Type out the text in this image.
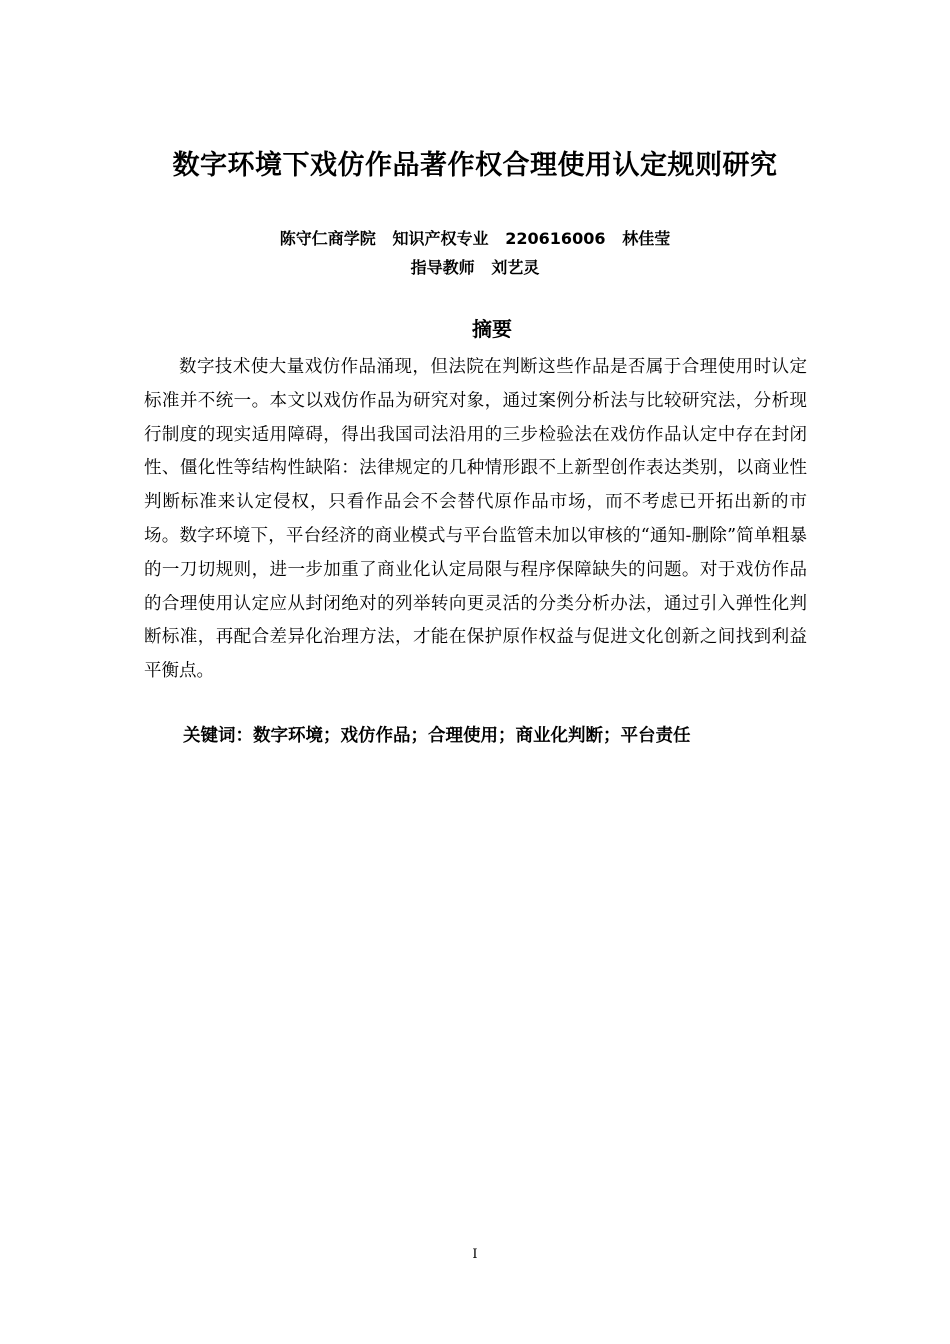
数字环境下戏仿作品著作权合理使用认定规则研究
陈守仁商学院 知识产权专业 220616006 林佳莹
指导教师 刘艺灵
摘要

数字技术使大量戏仿作品涌现，但法院在判断这些作品是否属于合理使用时认定标准并不统一。本文以戏仿作品为研究对象，通过案例分析法与比较研究法，分析现行制度的现实适用障碍，得出我国司法沿用的三步检验法在戏仿作品认定中存在封闭性、僵化性等结构性缺陷：法律规定的几种情形跟不上新型创作表达类别，以商业性判断标准来认定侵权，只看作品会不会替代原作品市场，而不考虑已开拓出新的市场。数字环境下，平台经济的商业模式与平台监管未加以审核的“通知-删除”简单粗暴的一刀切规则，进一步加重了商业化认定局限与程序保障缺失的问题。对于戏仿作品的合理使用认定应从封闭绝对的列举转向更灵活的分类分析办法，通过引入弹性化判断标准，再配合差异化治理方法，才能在保护原作权益与促进文化创新之间找到利益平衡点。

关键词：数字环境；戏仿作品；合理使用；商业化判断；平台责任
I
